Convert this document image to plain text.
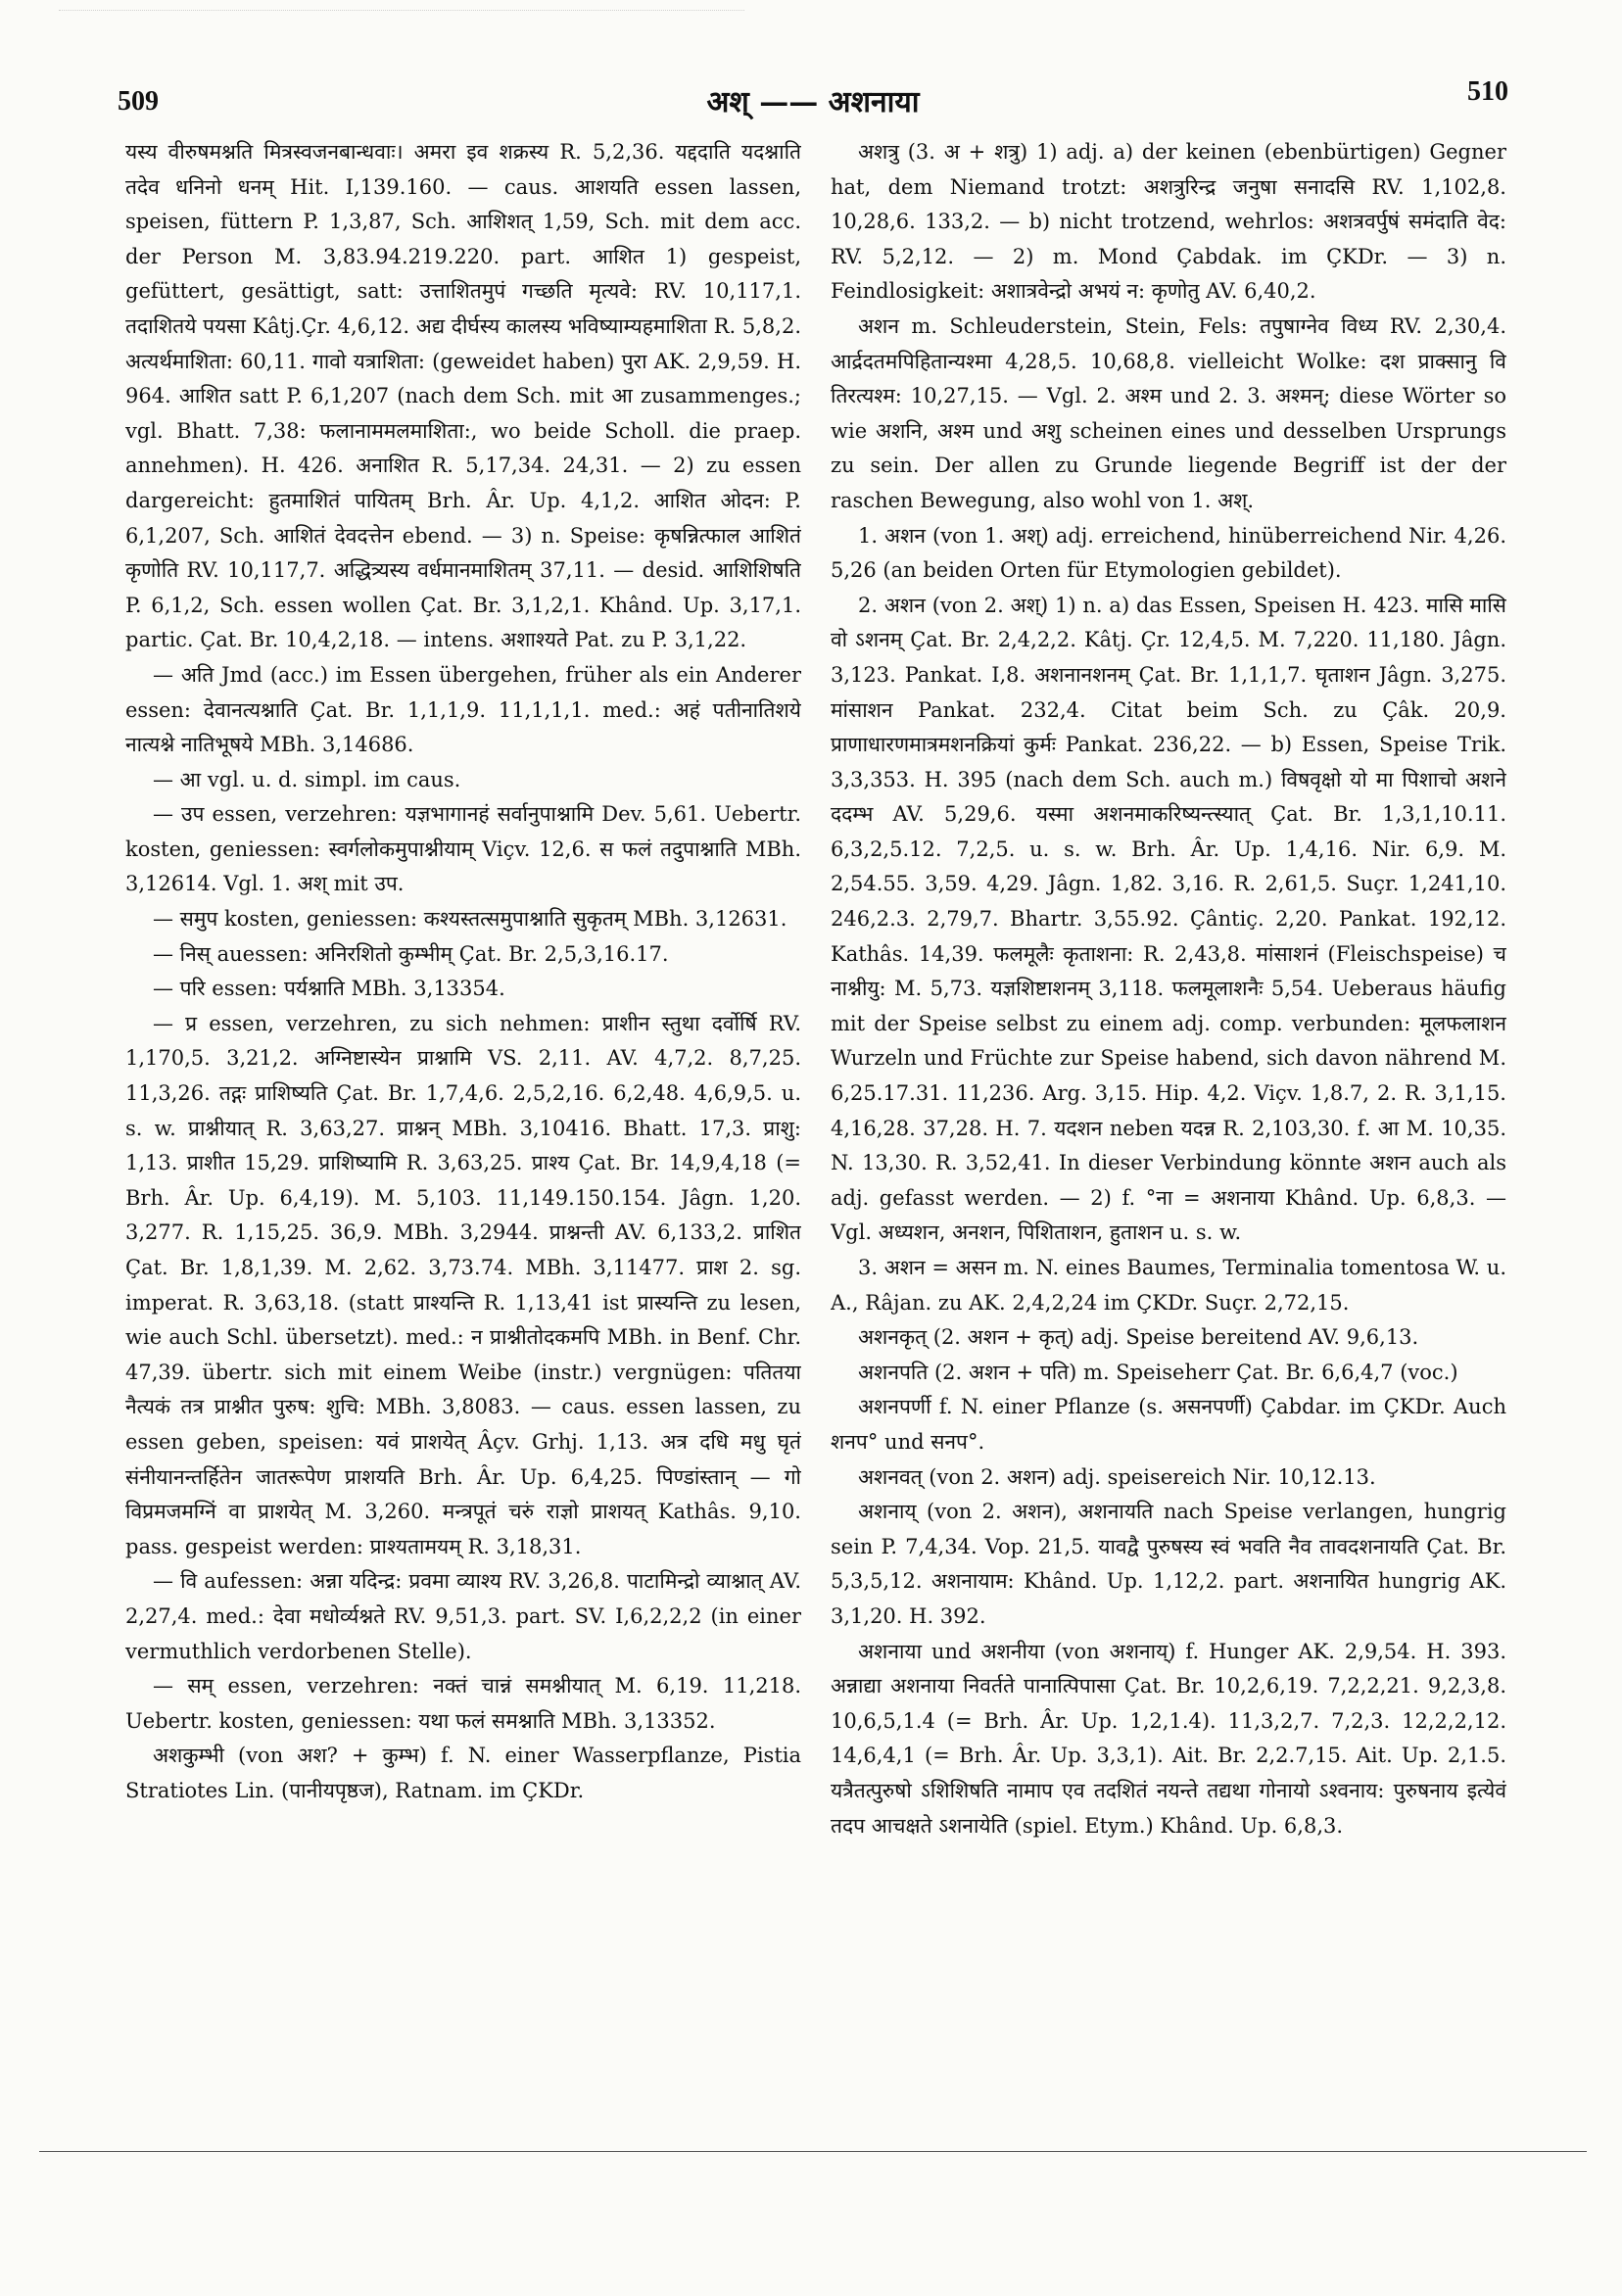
509	अश् —— अशनाया	510

यस्य वीरुषमश्नति मित्रस्वजनबान्धवाः। अमरा इव शक्रस्य R. 5,2,36. यद्ददाति यदश्नाति तदेव धनिनो धनम् Hit. I,139.160. — caus. आशयति essen lassen, speisen, füttern P. 1,3,87, Sch. आशिशत् 1,59, Sch. mit dem acc. der Person M. 3,83.94.219.220. part. आशित 1) gespeist, gefüttert, gesättigt, satt: उत्ताशितमुपं गच्छति मृत्यवे: RV. 10,117,1. तदाशितये पयसा Kâtj.Çr. 4,6,12. अद्य दीर्घस्य कालस्य भविष्याम्यहमाशिता R. 5,8,2. अत्यर्थमाशिता: 60,11. गावो यत्राशिता: (geweidet haben) पुरा AK. 2,9,59. H. 964. आशित satt P. 6,1,207 (nach dem Sch. mit आ zusammenges.; vgl. Bhatt. 7,38: फलानाममलमाशिता:, wo beide Scholl. die praep. annehmen). H. 426. अनाशित R. 5,17,34. 24,31. — 2) zu essen dargereicht: हुतमाशितं पायितम् Brh. Âr. Up. 4,1,2. आशित ओदन: P. 6,1,207, Sch. आशितं देवदत्तेन ebend. — 3) n. Speise: कृषन्नित्फाल आशितं कृणोति RV. 10,117,7. अद्धित्र्यस्य वर्धमानमाशितम् 37,11. — desid. आशिशिषति P. 6,1,2, Sch. essen wollen Çat. Br. 3,1,2,1. Khând. Up. 3,17,1. partic. Çat. Br. 10,4,2,18. — intens. अशाश्यते Pat. zu P. 3,1,22.

— अति Jmd (acc.) im Essen übergehen, früher als ein Anderer essen: देवानत्यश्नाति Çat. Br. 1,1,1,9. 11,1,1,1. med.: अहं पतीनातिशये नात्यश्ने नातिभूषये MBh. 3,14686.

— आ vgl. u. d. simpl. im caus.

— उप essen, verzehren: यज्ञभागानहं सर्वानुपाश्नामि Dev. 5,61. Uebertr. kosten, geniessen: स्वर्गलोकमुपाश्नीयाम् Viçv. 12,6. स फलं तदुपाश्नाति MBh. 3,12614. Vgl. 1. अश् mit उप.

— समुप kosten, geniessen: कश्यस्तत्समुपाश्नाति सुकृतम् MBh. 3,12631.

— निस् auessen: अनिरशितो कुम्भीम् Çat. Br. 2,5,3,16.17.

— परि essen: पर्यश्नाति MBh. 3,13354.

— प्र essen, verzehren, zu sich nehmen: प्राशीन स्तुथा दर्वोर्षि RV. 1,170,5. 3,21,2. अग्निष्टास्येन प्राश्नामि VS. 2,11. AV. 4,7,2. 8,7,25. 11,3,26. तद्गः प्राशिष्यति Çat. Br. 1,7,4,6. 2,5,2,16. 6,2,48. 4,6,9,5. u. s. w. प्राश्नीयात् R. 3,63,27. प्राश्नन् MBh. 3,10416. Bhatt. 17,3. प्राशु: 1,13. प्राशीत 15,29. प्राशिष्यामि R. 3,63,25. प्राश्य Çat. Br. 14,9,4,18 (= Brh. Âr. Up. 6,4,19). M. 5,103. 11,149.150.154. Jâgn. 1,20. 3,277. R. 1,15,25. 36,9. MBh. 3,2944. प्राश्नन्ती AV. 6,133,2. प्राशित Çat. Br. 1,8,1,39. M. 2,62. 3,73.74. MBh. 3,11477. प्राश 2. sg. imperat. R. 3,63,18. (statt प्राश्यन्ति R. 1,13,41 ist प्रास्यन्ति zu lesen, wie auch Schl. übersetzt). med.: न प्राश्नीतोदकमपि MBh. in Benf. Chr. 47,39. übertr. sich mit einem Weibe (instr.) vergnügen: पतितया नैत्यकं तत्र प्राश्नीत पुरुष: शुचि: MBh. 3,8083. — caus. essen lassen, zu essen geben, speisen: यवं प्राशयेत् Âçv. Grhj. 1,13. अत्र दधि मधु घृतं संनीयानन्तर्हितेन जातरूपेण प्राशयति Brh. Âr. Up. 6,4,25. पिण्डांस्तान् — गो विप्रमजमग्निं वा प्राशयेत् M. 3,260. मन्त्रपूतं चरुं राज्ञो प्राशयत् Kathâs. 9,10. pass. gespeist werden: प्राश्यतामयम् R. 3,18,31.

— वि aufessen: अन्ना यदिन्द्र: प्रवमा व्याश्य RV. 3,26,8. पाटामिन्द्रो व्याश्नात् AV. 2,27,4. med.: देवा मधोर्व्यश्नते RV. 9,51,3. part. SV. I,6,2,2,2 (in einer vermuthlich verdorbenen Stelle).

— सम् essen, verzehren: नक्तं चान्नं समश्नीयात् M. 6,19. 11,218. Uebertr. kosten, geniessen: यथा फलं समश्नाति MBh. 3,13352.

अशकुम्भी (von अश? + कुम्भ) f. N. einer Wasserpflanze, Pistia Stratiotes Lin. (पानीयपृष्ठज), Ratnam. im ÇKDr.

अशत्रु (3. अ + शत्रु) 1) adj. a) der keinen (ebenbürtigen) Gegner hat, dem Niemand trotzt: अशत्रुरिन्द्र जनुषा सनादसि RV. 1,102,8. 10,28,6. 133,2. — b) nicht trotzend, wehrlos: अशत्रवर्पुषं समंदाति वेद: RV. 5,2,12. — 2) m. Mond Çabdak. im ÇKDr. — 3) n. Feindlosigkeit: अशात्रवेन्द्रो अभयं न: कृणोतु AV. 6,40,2.

अशन m. Schleuderstein, Stein, Fels: तपुषाग्नेव विध्य RV. 2,30,4. आर्द्रदतमपिहितान्यश्मा 4,28,5. 10,68,8. vielleicht Wolke: दश प्राक्सानु वि तिरत्यश्म: 10,27,15. — Vgl. 2. अश्म und 2. 3. अश्मन्; diese Wörter so wie अशनि, अश्म und अशु scheinen eines und desselben Ursprungs zu sein. Der allen zu Grunde liegende Begriff ist der der raschen Bewegung, also wohl von 1. अश्.

1. अशन (von 1. अश्) adj. erreichend, hinüberreichend Nir. 4,26. 5,26 (an beiden Orten für Etymologien gebildet).

2. अशन (von 2. अश्) 1) n. a) das Essen, Speisen H. 423. मासि मासि वो ऽशनम् Çat. Br. 2,4,2,2. Kâtj. Çr. 12,4,5. M. 7,220. 11,180. Jâgn. 3,123. Pankat. I,8. अशनानशनम् Çat. Br. 1,1,1,7. घृताशन Jâgn. 3,275. मांसाशन Pankat. 232,4. Citat beim Sch. zu Çâk. 20,9. प्राणाधारणमात्रमशनक्रियां कुर्मः Pankat. 236,22. — b) Essen, Speise Trik. 3,3,353. H. 395 (nach dem Sch. auch m.) विषवृक्षो यो मा पिशाचो अशने ददम्भ AV. 5,29,6. यस्मा अशनमाकरिष्यन्त्स्यात् Çat. Br. 1,3,1,10.11. 6,3,2,5.12. 7,2,5. u. s. w. Brh. Âr. Up. 1,4,16. Nir. 6,9. M. 2,54.55. 3,59. 4,29. Jâgn. 1,82. 3,16. R. 2,61,5. Suçr. 1,241,10. 246,2.3. 2,79,7. Bhartr. 3,55.92. Çântiç. 2,20. Pankat. 192,12. Kathâs. 14,39. फलमूलैः कृताशना: R. 2,43,8. मांसाशनं (Fleischspeise) च नाश्नीयु: M. 5,73. यज्ञशिष्टाशनम् 3,118. फलमूलाशनैः 5,54. Ueberaus häufig mit der Speise selbst zu einem adj. comp. verbunden: मूलफलाशन Wurzeln und Früchte zur Speise habend, sich davon nährend M. 6,25.17.31. 11,236. Arg. 3,15. Hip. 4,2. Viçv. 1,8.7, 2. R. 3,1,15. 4,16,28. 37,28. H. 7. यदशन neben यदन्न R. 2,103,30. f. आ M. 10,35. N. 13,30. R. 3,52,41. In dieser Verbindung könnte अशन auch als adj. gefasst werden. — 2) f. °ना = अशनाया Khând. Up. 6,8,3. — Vgl. अध्यशन, अनशन, पिशिताशन, हुताशन u. s. w.

3. अशन = असन m. N. eines Baumes, Terminalia tomentosa W. u. A., Râjan. zu AK. 2,4,2,24 im ÇKDr. Suçr. 2,72,15.

अशनकृत् (2. अशन + कृत्) adj. Speise bereitend AV. 9,6,13.

अशनपति (2. अशन + पति) m. Speiseherr Çat. Br. 6,6,4,7 (voc.)

अशनपर्णी f. N. einer Pflanze (s. असनपर्णी) Çabdar. im ÇKDr. Auch शनप° und सनप°.

अशनवत् (von 2. अशन) adj. speisereich Nir. 10,12.13.

अशनाय् (von 2. अशन), अशनायति nach Speise verlangen, hungrig sein P. 7,4,34. Vop. 21,5. यावद्वै पुरुषस्य स्वं भवति नैव तावदशनायति Çat. Br. 5,3,5,12. अशनायाम: Khând. Up. 1,12,2. part. अशनायित hungrig AK. 3,1,20. H. 392.

अशनाया und अशनीया (von अशनाय्) f. Hunger AK. 2,9,54. H. 393. अन्नाद्या अशनाया निवर्तते पानात्पिपासा Çat. Br. 10,2,6,19. 7,2,2,21. 9,2,3,8. 10,6,5,1.4 (= Brh. Âr. Up. 1,2,1.4). 11,3,2,7. 7,2,3. 12,2,2,12. 14,6,4,1 (= Brh. Âr. Up. 3,3,1). Ait. Br. 2,2.7,15. Ait. Up. 2,1.5. यत्रैतत्पुरुषो ऽशिशिषति नामाप एव तदशितं नयन्ते तद्यथा गोनायो ऽश्वनाय: पुरुषनाय इत्येवं तदप आचक्षते ऽशनायेति (spiel. Etym.) Khând. Up. 6,8,3.
